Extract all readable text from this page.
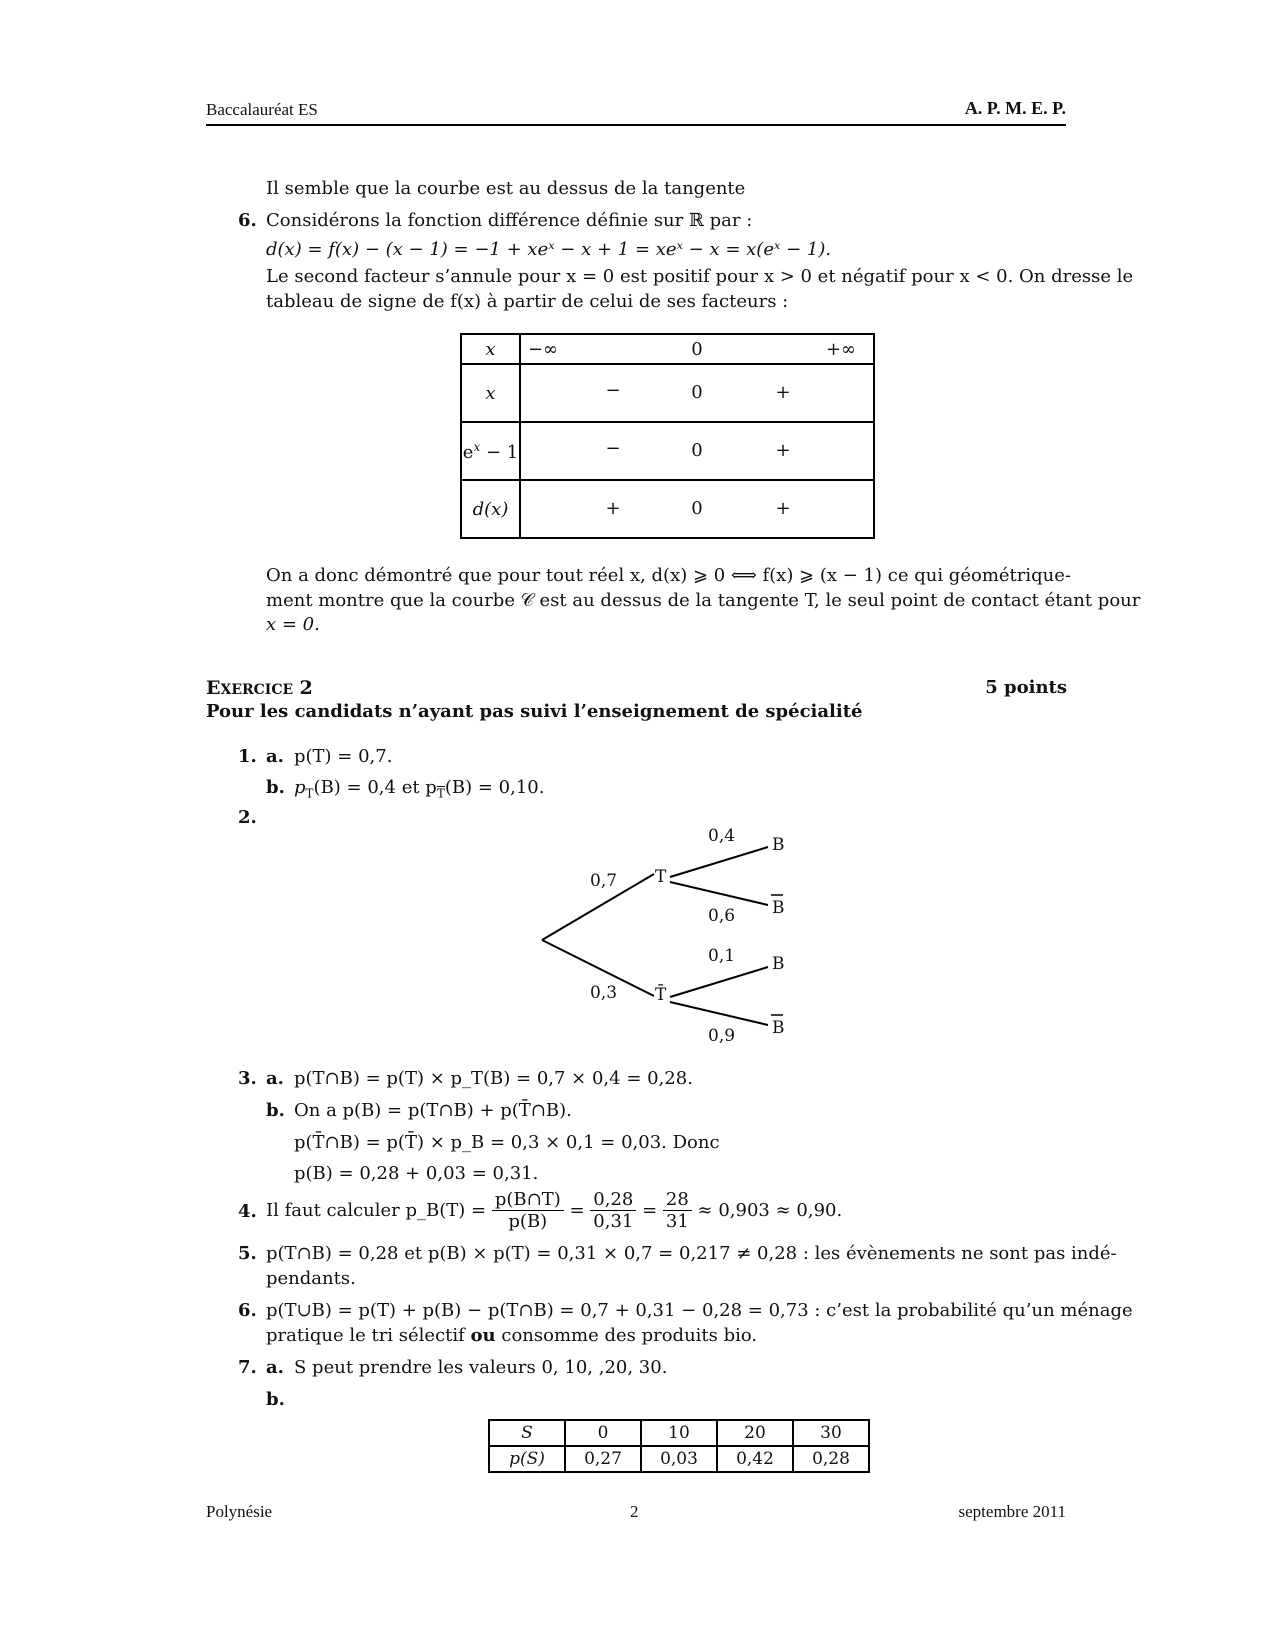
Baccalauréat ES	A. P. M. E. P.
Il semble que la courbe est au dessus de la tangente
6. Considérons la fonction différence définie sur ℝ par :
d(x) = f(x) − (x − 1) = −1 + xeˣ − x + 1 = xeˣ − x = x(eˣ − 1).
Le second facteur s’annule pour x = 0 est positif pour x > 0 et négatif pour x < 0. On dresse le
tableau de signe de f(x) à partir de celui de ses facteurs :
x	−∞ 0 +∞

x	− 0 +

$e^x - 1$	− 0 +

d(x)	+ 0 +
On a donc démontré que pour tout réel x, d(x) ⩾ 0 ⟺ f(x) ⩾ (x − 1) ce qui géométrique-
ment montre que la courbe 𝒞 est au dessus de la tangente T, le seul point de contact étant pour
x = 0.
EXERCICE 2	5 points
Pour les candidats n’ayant pas suivi l’enseignement de spécialité
1. a. p(T) = 0,7.
b. $p_T(B) = 0,4$ et $p_{\overline{T}}(B) = 0,10$.
2.
0,7
0,3
T
T̄
0,4
0,6
0,1
0,9
B
B
B
B
3. a. p(T∩B) = p(T) × p_T(B) = 0,7 × 0,4 = 0,28.
b. On a p(B) = p(T∩B) + p(T̄∩B).
p(T̄∩B) = p(T̄) × p_B = 0,3 × 0,1 = 0,03. Donc
p(B) = 0,28 + 0,03 = 0,31.
4. Il faut calculer p_B(T) =
$\frac{p(B\cap T)}{p(B)} = \frac{0,28}{0,31} = \frac{28}{31}$
≈ 0,903 ≈ 0,90.
5. p(T∩B) = 0,28 et p(B) × p(T) = 0,31 × 0,7 = 0,217 ≠ 0,28 : les évènements ne sont pas indé-
pendants.
6. p(T∪B) = p(T) + p(B) − p(T∩B) = 0,7 + 0,31 − 0,28 = 0,73 : c’est la probabilité qu’un ménage
pratique le tri sélectif ou consomme des produits bio.
7. a. S peut prendre les valeurs 0, 10, ,20, 30.
b.
S	0	10	20	30
p(S)	0,27	0,03	0,42	0,28
Polynésie	2	septembre 2011
